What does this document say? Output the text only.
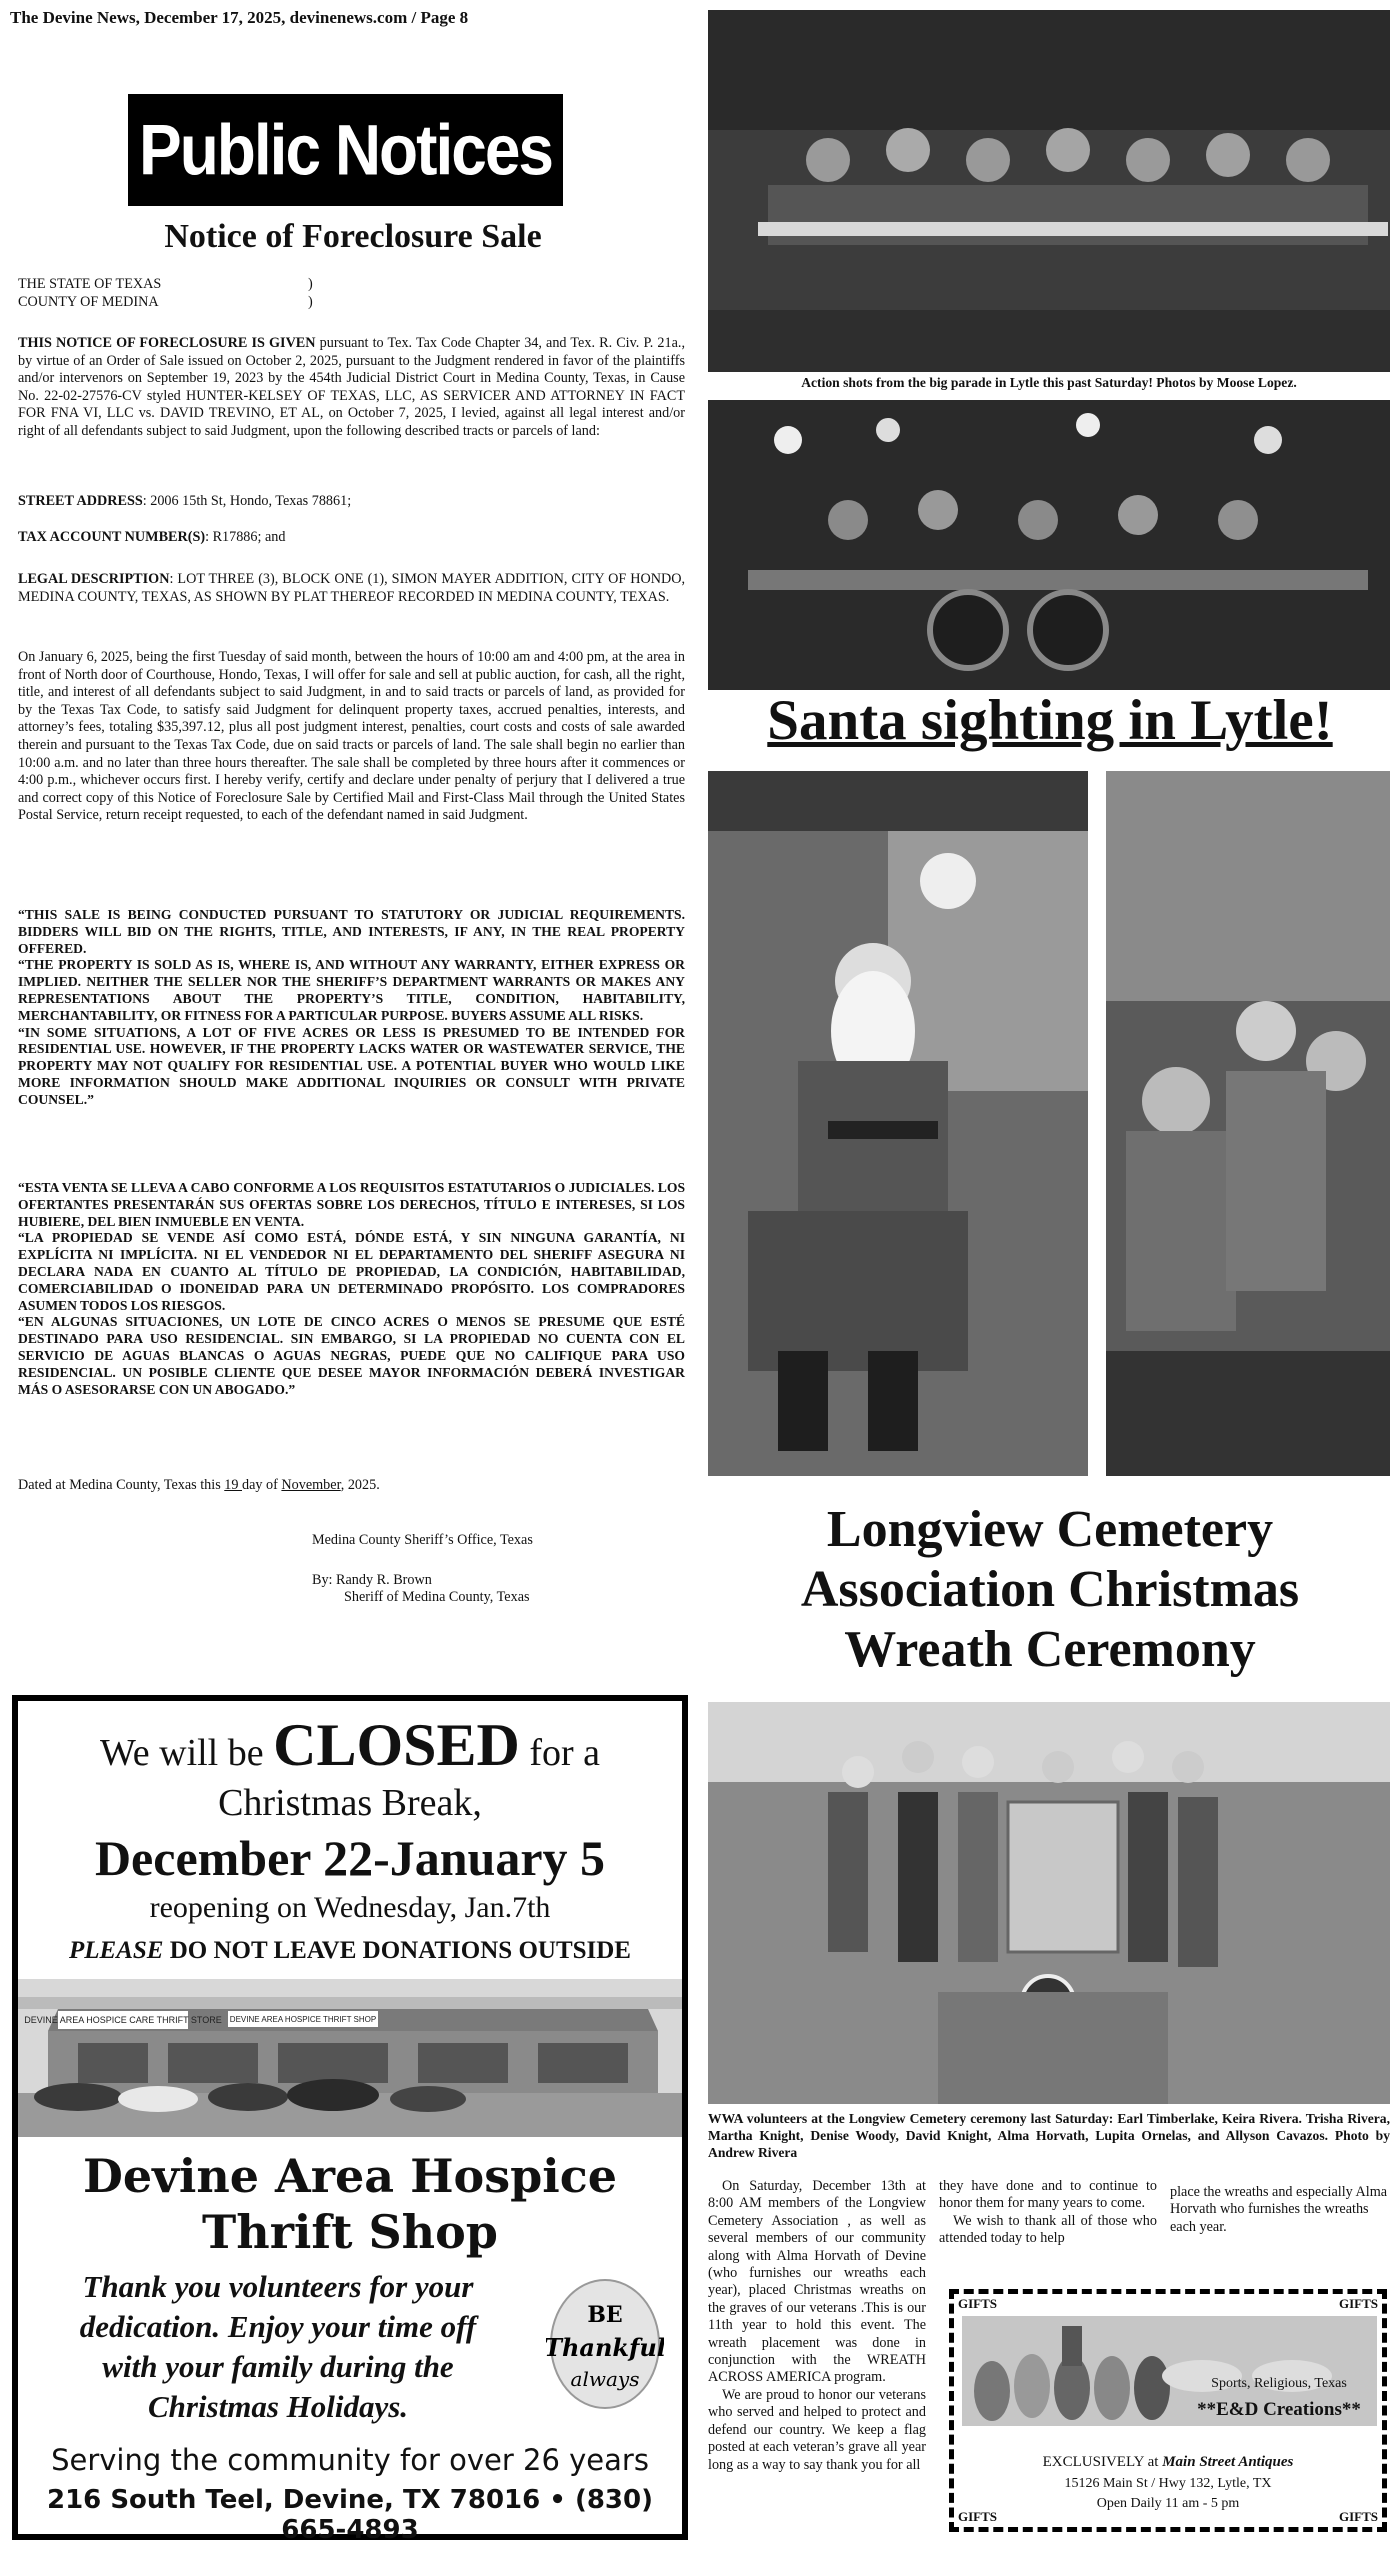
The Devine News, December 17, 2025, devinenews.com / Page 8
Public Notices
Notice of Foreclosure Sale
THE STATE OF TEXAS	)
COUNTY OF MEDINA	)
THIS NOTICE OF FORECLOSURE IS GIVEN pursuant to Tex. Tax Code Chapter 34, and Tex. R. Civ. P. 21a., by virtue of an Order of Sale issued on October 2, 2025, pursuant to the Judgment rendered in favor of the plaintiffs and/or intervenors on September 19, 2023 by the 454th Judicial District Court in Medina County, Texas, in Cause No. 22-02-27576-CV styled HUNTER-KELSEY OF TEXAS, LLC, AS SERVICER AND ATTORNEY IN FACT FOR FNA VI, LLC vs. DAVID TREVINO, ET AL, on October 7, 2025, I levied, against all legal interest and/or right of all defendants subject to said Judgment, upon the following described tracts or parcels of land:
STREET ADDRESS: 2006 15th St, Hondo, Texas 78861;
TAX ACCOUNT NUMBER(S): R17886; and
LEGAL DESCRIPTION: LOT THREE (3), BLOCK ONE (1), SIMON MAYER ADDITION, CITY OF HONDO, MEDINA COUNTY, TEXAS, AS SHOWN BY PLAT THEREOF RECORDED IN MEDINA COUNTY, TEXAS.
On January 6, 2025, being the first Tuesday of said month, between the hours of 10:00 am and 4:00 pm, at the area in front of North door of Courthouse, Hondo, Texas, I will offer for sale and sell at public auction, for cash, all the right, title, and interest of all defendants subject to said Judgment, in and to said tracts or parcels of land, as provided for by the Texas Tax Code, to satisfy said Judgment for delinquent property taxes, accrued penalties, interests, and attorney’s fees, totaling $35,397.12, plus all post judgment interest, penalties, court costs and costs of sale awarded therein and pursuant to the Texas Tax Code, due on said tracts or parcels of land. The sale shall begin no earlier than 10:00 a.m. and no later than three hours thereafter. The sale shall be completed by three hours after it commences or 4:00 p.m., whichever occurs first. I hereby verify, certify and declare under penalty of perjury that I delivered a true and correct copy of this Notice of Foreclosure Sale by Certified Mail and First-Class Mail through the United States Postal Service, return receipt requested, to each of the defendant named in said Judgment.
“THIS SALE IS BEING CONDUCTED PURSUANT TO STATUTORY OR JUDICIAL REQUIREMENTS. BIDDERS WILL BID ON THE RIGHTS, TITLE, AND INTERESTS, IF ANY, IN THE REAL PROPERTY OFFERED.
“THE PROPERTY IS SOLD AS IS, WHERE IS, AND WITHOUT ANY WARRANTY, EITHER EXPRESS OR IMPLIED. NEITHER THE SELLER NOR THE SHERIFF’S DEPARTMENT WARRANTS OR MAKES ANY REPRESENTATIONS ABOUT THE PROPERTY’S TITLE, CONDITION, HABITABILITY, MERCHANTABILITY, OR FITNESS FOR A PARTICULAR PURPOSE. BUYERS ASSUME ALL RISKS.
“IN SOME SITUATIONS, A LOT OF FIVE ACRES OR LESS IS PRESUMED TO BE INTENDED FOR RESIDENTIAL USE. HOWEVER, IF THE PROPERTY LACKS WATER OR WASTEWATER SERVICE, THE PROPERTY MAY NOT QUALIFY FOR RESIDENTIAL USE. A POTENTIAL BUYER WHO WOULD LIKE MORE INFORMATION SHOULD MAKE ADDITIONAL INQUIRIES OR CONSULT WITH PRIVATE COUNSEL.”
“ESTA VENTA SE LLEVA A CABO CONFORME A LOS REQUISITOS ESTATUTARIOS O JUDICIALES. LOS OFERTANTES PRESENTARÁN SUS OFERTAS SOBRE LOS DERECHOS, TÍTULO E INTERESES, SI LOS HUBIERE, DEL BIEN INMUEBLE EN VENTA.
“LA PROPIEDAD SE VENDE ASÍ COMO ESTÁ, DÓNDE ESTÁ, Y SIN NINGUNA GARANTÍA, NI EXPLÍCITA NI IMPLÍCITA. NI EL VENDEDOR NI EL DEPARTAMENTO DEL SHERIFF ASEGURA NI DECLARA NADA EN CUANTO AL TÍTULO DE PROPIEDAD, LA CONDICIÓN, HABITABILIDAD, COMERCIABILIDAD O IDONEIDAD PARA UN DETERMINADO PROPÓSITO. LOS COMPRADORES ASUMEN TODOS LOS RIESGOS.
“EN ALGUNAS SITUACIONES, UN LOTE DE CINCO ACRES O MENOS SE PRESUME QUE ESTÉ DESTINADO PARA USO RESIDENCIAL. SIN EMBARGO, SI LA PROPIEDAD NO CUENTA CON EL SERVICIO DE AGUAS BLANCAS O AGUAS NEGRAS, PUEDE QUE NO CALIFIQUE PARA USO RESIDENCIAL. UN POSIBLE CLIENTE QUE DESEE MAYOR INFORMACIÓN DEBERÁ INVESTIGAR MÁS O ASESORARSE CON UN ABOGADO.”
Dated at Medina County, Texas this 19 day of November, 2025.
Medina County Sheriff’s Office, Texas
By: Randy R. Brown
Sheriff of Medina County, Texas
We will be CLOSED for a
Christmas Break,
December 22-January 5
reopening on Wednesday, Jan.7th
PLEASE DO NOT LEAVE DONATIONS OUTSIDE
DEVINE AREA HOSPICE CARE THRIFT STORE DEVINE AREA HOSPICE THRIFT SHOP
Devine Area Hospice
Thrift Shop
Thank you volunteers for your
dedication. Enjoy your time off
with your family during the
Christmas Holidays.
BE
Thankful
always
Serving the community for over 26 years
216 South Teel, Devine, TX 78016 • (830) 665-4893
Action shots from the big parade in Lytle this past Saturday! Photos by Moose Lopez.
Santa sighting in Lytle!
Longview Cemetery
Association Christmas
Wreath Ceremony
WWA volunteers at the Longview Cemetery ceremony last Saturday: Earl Timberlake, Keira Rivera. Trisha Rivera, Martha Knight, Denise Woody, David Knight, Alma Horvath, Lupita Ornelas, and Allyson Cavazos. Photo by Andrew Rivera
On Saturday, December 13th at 8:00 AM members of the Longview Cemetery Association , as well as several members of our community along with Alma Horvath of Devine (who furnishes our wreaths each year), placed Christmas wreaths on the graves of our veterans .This is our 11th year to hold this event. The wreath placement was done in conjunction with the WREATH ACROSS AMERICA program.
We are proud to honor our veterans who served and helped to protect and defend our country. We keep a flag posted at each veteran’s grave all year long as a way to say thank you for all
they have done and to continue to honor them for many years to come.
We wish to thank all of those who attended today to help
place the wreaths and especially Alma Horvath who furnishes the wreaths each year.
GIFTS	GIFTS
GIFTS	GIFTS
Sports, Religious, Texas
**E&D Creations**
EXCLUSIVELY at Main Street Antiques
15126 Main St / Hwy 132, Lytle, TX
Open Daily 11 am - 5 pm
